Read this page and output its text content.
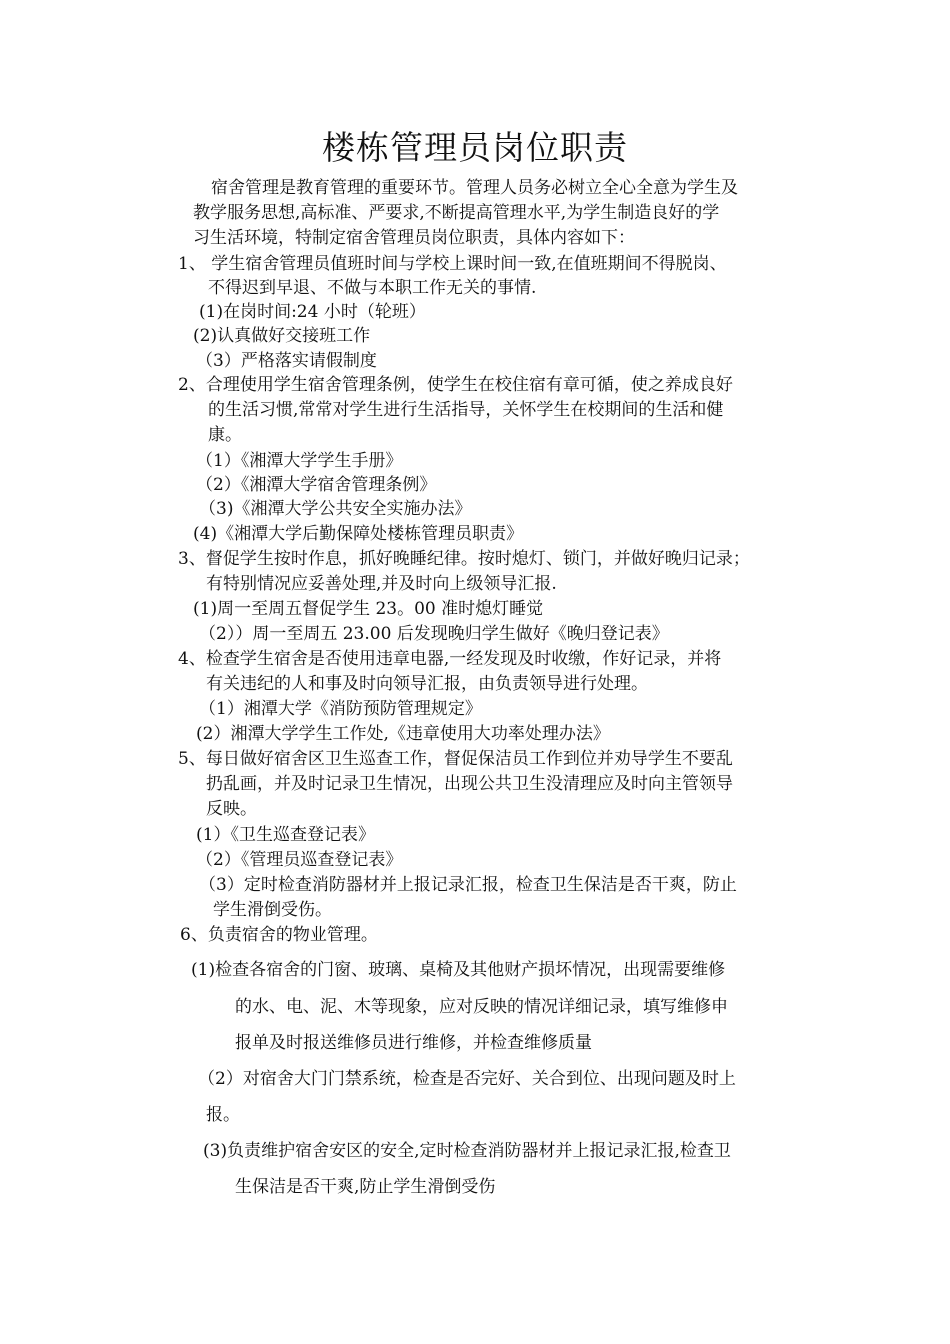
楼栋管理员岗位职责
宿舍管理是教育管理的重要环节。管理人员务必树立全心全意为学生及
教学服务思想,高标准、严要求,不断提高管理水平,为学生制造良好的学
习生活环境，特制定宿舍管理员岗位职责，具体内容如下：
1、 学生宿舍管理员值班时间与学校上课时间一致,在值班期间不得脱岗、
不得迟到早退、不做与本职工作无关的事情.
(1)在岗时间:24 小时（轮班）
(2)认真做好交接班工作
（3）严格落实请假制度
2、合理使用学生宿舍管理条例，使学生在校住宿有章可循，使之养成良好
的生活习惯,常常对学生进行生活指导，关怀学生在校期间的生活和健
康。
（1）《湘潭大学学生手册》
（2）《湘潭大学宿舍管理条例》
（3)《湘潭大学公共安全实施办法》
(4)《湘潭大学后勤保障处楼栋管理员职责》
3、督促学生按时作息，抓好晚睡纪律。按时熄灯、锁门，并做好晚归记录；
有特别情况应妥善处理,并及时向上级领导汇报.
(1)周一至周五督促学生 23。00 准时熄灯睡觉
（2））周一至周五 23.00 后发现晚归学生做好《晚归登记表》
4、检查学生宿舍是否使用违章电器,一经发现及时收缴，作好记录，并将
有关违纪的人和事及时向领导汇报，由负责领导进行处理。
（1）湘潭大学《消防预防管理规定》
(2）湘潭大学学生工作处,《违章使用大功率处理办法》
5、每日做好宿舍区卫生巡查工作，督促保洁员工作到位并劝导学生不要乱
扔乱画，并及时记录卫生情况，出现公共卫生没清理应及时向主管领导
反映。
(1）《卫生巡查登记表》
（2）《管理员巡查登记表》
（3）定时检查消防器材并上报记录汇报，检查卫生保洁是否干爽，防止
学生滑倒受伤。
6、负责宿舍的物业管理。
(1)检查各宿舍的门窗、玻璃、桌椅及其他财产损坏情况，出现需要维修
的水、电、泥、木等现象，应对反映的情况详细记录，填写维修申
报单及时报送维修员进行维修，并检查维修质量
（2）对宿舍大门门禁系统，检查是否完好、关合到位、出现问题及时上
报。
(3)负责维护宿舍安区的安全,定时检查消防器材并上报记录汇报,检查卫
生保洁是否干爽,防止学生滑倒受伤
